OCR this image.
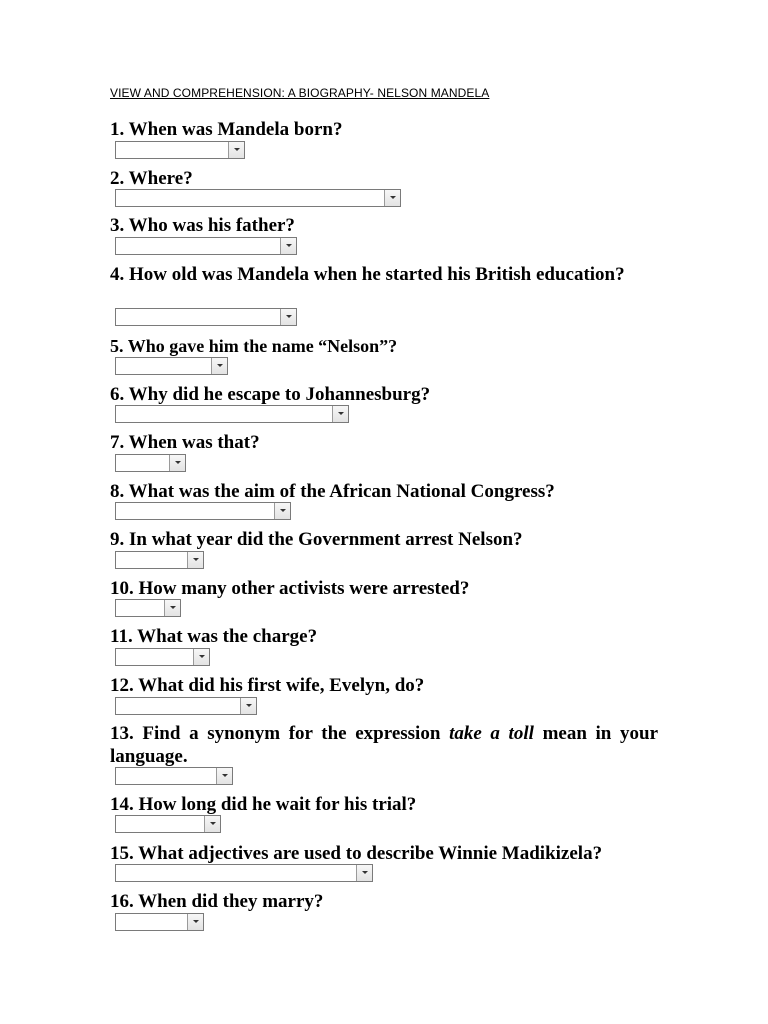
VIEW AND COMPREHENSION: A BIOGRAPHY- NELSON MANDELA
1. When was Mandela born?
2. Where?
3. Who was his father?
4. How old was Mandela when he started his British education?
5. Who gave him the name “Nelson”?
6. Why did he escape to Johannesburg?
7. When was that?
8. What was the aim of the African National Congress?
9. In what year did the Government arrest Nelson?
10. How many other activists were arrested?
11. What was the charge?
12. What did his first wife, Evelyn, do?
13. Find a synonym for the expression take a toll mean in your language.
14. How long did he wait for his trial?
15. What adjectives are used to describe Winnie Madikizela?
16. When did they marry?
